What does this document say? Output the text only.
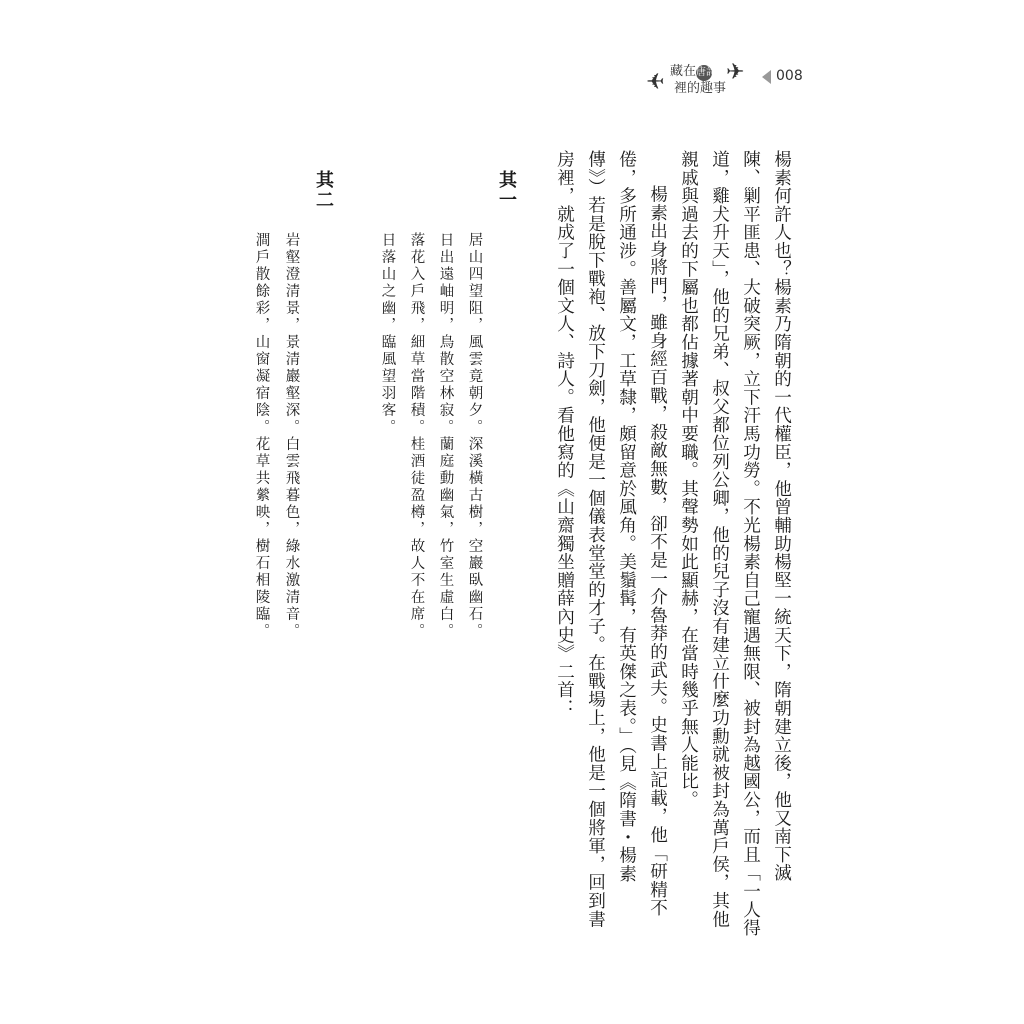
✈ 藏在唐詩
裡的趣事
✈ 008
楊素何許人也？楊素乃隋朝的一代權臣，他曾輔助楊堅一統天下，隋朝建立後，他又南下滅
陳、剿平匪患、大破突厥，立下汗馬功勞。不光楊素自己寵遇無限、被封為越國公，而且「一人得
道，雞犬升天」，他的兄弟、叔父都位列公卿，他的兒子沒有建立什麼功勳就被封為萬戶侯，其他
親戚與過去的下屬也都佔據著朝中要職。其聲勢如此顯赫，在當時幾乎無人能比。
楊素出身將門，雖身經百戰，殺敵無數，卻不是一介魯莽的武夫。史書上記載，他「研精不
倦，多所通涉。善屬文，工草隸，頗留意於風角。美鬚髯，有英傑之表。」（見《隋書・楊素
傳》）若是脫下戰袍、放下刀劍，他便是一個儀表堂堂的才子。在戰場上，他是一個將軍，回到書
房裡，就成了一個文人、詩人。看他寫的《山齋獨坐贈薛內史》二首：
其一
居山四望阻，風雲竟朝夕。深溪橫古樹，空巖臥幽石。
日出遠岫明，鳥散空林寂。蘭庭動幽氣，竹室生虛白。
落花入戶飛，細草當階積。桂酒徒盈樽，故人不在席。
日落山之幽，臨風望羽客。
其二
岩壑澄清景，景清巖壑深。白雲飛暮色，綠水激清音。
澗戶散餘彩，山窗凝宿陰。花草共縈映，樹石相陵臨。
